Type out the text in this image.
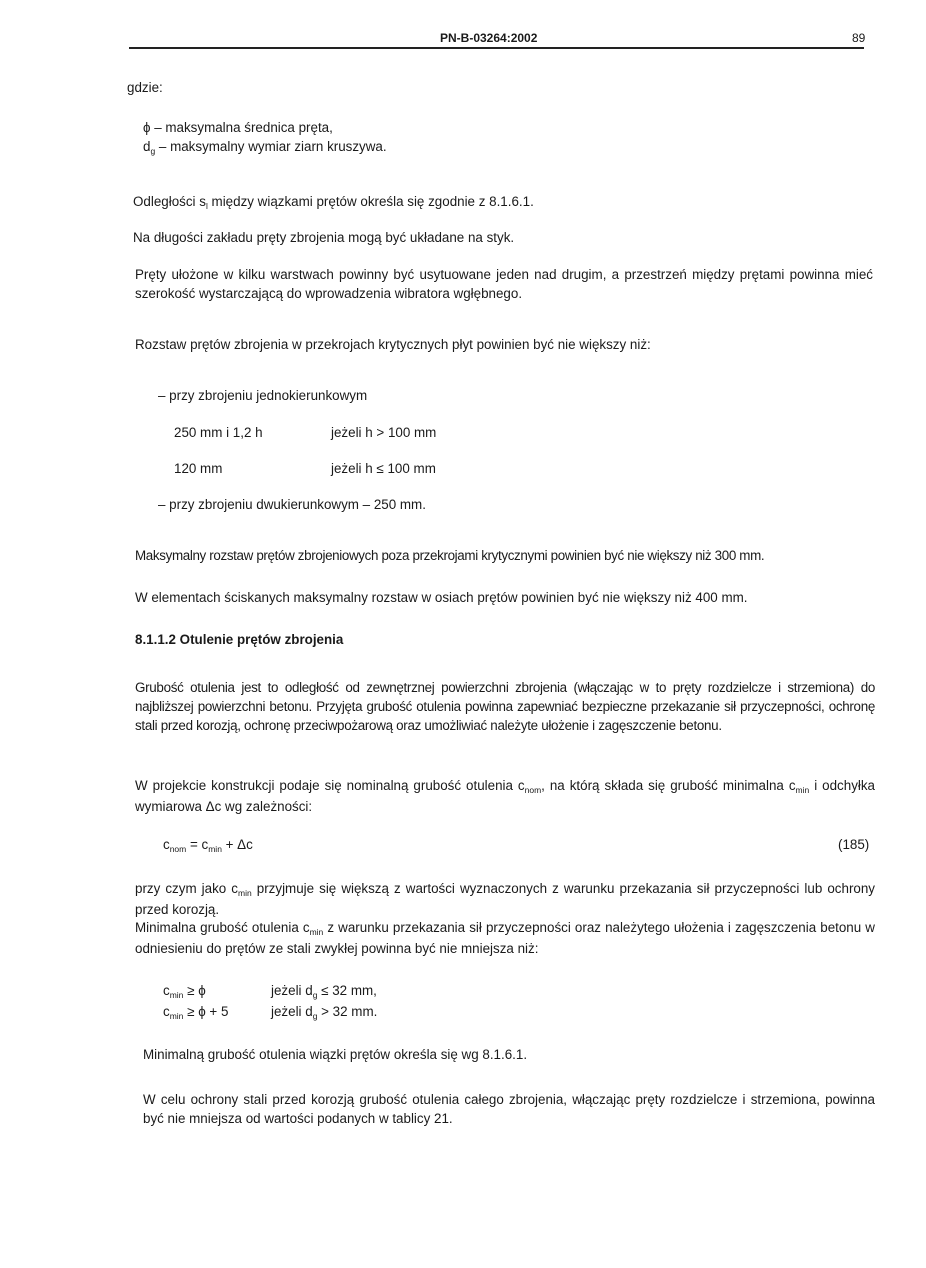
PN-B-03264:2002	89
gdzie:
ϕ – maksymalna średnica pręta,
$d_g$ – maksymalny wymiar ziarn kruszywa.
Odległości $s_l$ między wiązkami prętów określa się zgodnie z 8.1.6.1.
Na długości zakładu pręty zbrojenia mogą być układane na styk.
Pręty ułożone w kilku warstwach powinny być usytuowane jeden nad drugim, a przestrzeń między prętami powinna mieć szerokość wystarczającą do wprowadzenia wibratora wgłębnego.
Rozstaw prętów zbrojenia w przekrojach krytycznych płyt powinien być nie większy niż:
– przy zbrojeniu jednokierunkowym
250 mm i 1,2 h	jeżeli h > 100 mm
120 mm	jeżeli h ≤ 100 mm
– przy zbrojeniu dwukierunkowym – 250 mm.
Maksymalny rozstaw prętów zbrojeniowych poza przekrojami krytycznymi powinien być nie większy niż 300 mm.
W elementach ściskanych maksymalny rozstaw w osiach prętów powinien być nie większy niż 400 mm.
8.1.1.2 Otulenie prętów zbrojenia
Grubość otulenia jest to odległość od zewnętrznej powierzchni zbrojenia (włączając w to pręty rozdzielcze i strzemiona) do najbliższej powierzchni betonu. Przyjęta grubość otulenia powinna zapewniać bezpieczne przekazanie sił przyczepności, ochronę stali przed korozją, ochronę przeciwpożarową oraz umożliwiać należyte ułożenie i zagęszczenie betonu.
W projekcie konstrukcji podaje się nominalną grubość otulenia $c_{nom}$, na którą składa się grubość minimalna $c_{min}$ i odchyłka wymiarowa Δc wg zależności:
$c_{nom} = c_{min} + \Delta c$	(185)
przy czym jako $c_{min}$ przyjmuje się większą z wartości wyznaczonych z warunku przekazania sił przyczepności lub ochrony przed korozją.
Minimalna grubość otulenia $c_{min}$ z warunku przekazania sił przyczepności oraz należytego ułożenia i zagęszczenia betonu w odniesieniu do prętów ze stali zwykłej powinna być nie mniejsza niż:
$c_{min} \ge \phi$	jeżeli $d_g \le 32$ mm,
$c_{min} \ge \phi + 5$	jeżeli $d_g > 32$ mm.
Minimalną grubość otulenia wiązki prętów określa się wg 8.1.6.1.
W celu ochrony stali przed korozją grubość otulenia całego zbrojenia, włączając pręty rozdzielcze i strzemiona, powinna być nie mniejsza od wartości podanych w tablicy 21.
